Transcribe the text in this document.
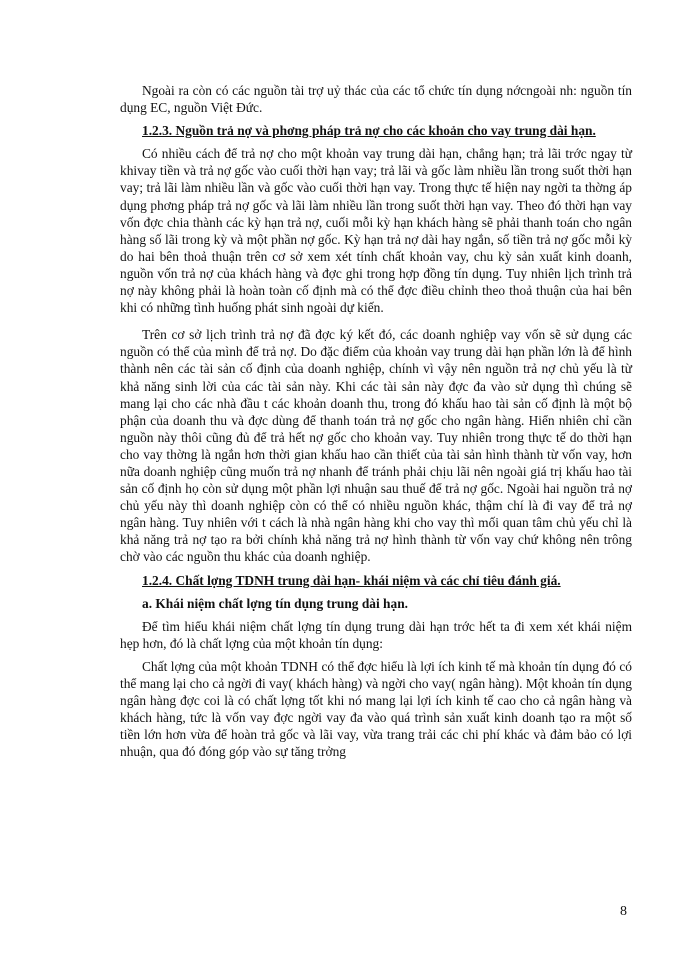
Ngoài ra còn có các nguồn tài trợ uỷ thác của các tổ chức tín dụng nớcngoài nh: nguồn tín dụng EC, nguồn Việt Đức.

1.2.3. Nguồn trả nợ và phơng pháp trả nợ cho các khoản cho vay trung dài hạn.

Có nhiều cách để trả nợ cho một khoản vay trung dài hạn, chẳng hạn; trả lãi trớc ngay từ khivay tiền và trả nợ gốc vào cuối thời hạn vay; trả lãi và gốc làm nhiều lần trong suốt thời hạn vay; trả lãi làm nhiều lần và gốc vào cuối thời hạn vay. Trong thực tế hiện nay ngời ta thờng áp dụng phơng pháp trả nợ gốc và lãi làm nhiều lần trong suốt thời hạn vay. Theo đó thời hạn vay vốn đợc chia thành các kỳ hạn trả nợ, cuối mỗi kỳ hạn khách hàng sẽ phải thanh toán cho ngân hàng số lãi trong kỳ và một phần nợ gốc. Kỳ hạn trả nợ dài hay ngắn, số tiền trả nợ gốc mỗi kỳ do hai bên thoả thuận trên cơ sở xem xét tính chất khoản vay, chu kỳ sản xuất kinh doanh, nguồn vốn trả nợ của khách hàng và đợc ghi trong hợp đồng tín dụng. Tuy nhiên lịch trình trả nợ này không phải là hoàn toàn cố định mà có thể đợc điều chỉnh theo thoả thuận của hai bên khi có những tình huống phát sinh ngoài dự kiến.

Trên cơ sở lịch trình trả nợ đã đợc ký kết đó, các doanh nghiệp vay vốn sẽ sử dụng các nguồn có thể của mình để trả nợ. Do đặc điểm của khoản vay trung dài hạn phần lớn là để hình thành nên các tài sản cố định của doanh nghiệp, chính vì vậy nên nguồn trả nợ chủ yếu là từ khả năng sinh lời của các tài sản này. Khi các tài sản này đợc đa vào sử dụng thì chúng sẽ mang lại cho các nhà đầu t các khoản doanh thu, trong đó khấu hao tài sản cố định là một bộ phận của doanh thu và đợc dùng để thanh toán trả nợ gốc cho ngân hàng. Hiển nhiên chỉ cần nguồn này thôi cũng đủ để trả hết nợ gốc cho khoản vay. Tuy nhiên trong thực tế do thời hạn cho vay thờng là ngắn hơn thời gian khấu hao cần thiết của tài sản hình thành từ vốn vay, hơn nữa doanh nghiệp cũng muốn trả nợ nhanh để tránh phải chịu lãi nên ngoài giá trị khấu hao tài sản cố định họ còn sử dụng một phần lợi nhuận sau thuế để trả nợ gốc. Ngoài hai nguồn trả nợ chủ yếu này thì doanh nghiệp còn có thể có nhiều nguồn khác, thậm chí là đi vay để trả nợ ngân hàng. Tuy nhiên với t cách là nhà ngân hàng khi cho vay thì mối quan tâm chủ yếu chỉ là khả năng trả nợ tạo ra bởi chính khả năng trả nợ hình thành từ vốn vay chứ không nên trông chờ vào các nguồn thu khác của doanh nghiệp.

1.2.4. Chất lợng TDNH trung dài hạn- khái niệm và các chỉ tiêu đánh giá.

a. Khái niệm chất lợng tín dụng trung dài hạn.

Để tìm hiểu khái niệm chất lợng tín dụng trung dài hạn trớc hết ta đi xem xét khái niệm hẹp hơn, đó là chất lợng của một khoản tín dụng:

Chất lợng của một khoản TDNH có thể đợc hiểu là lợi ích kinh tế mà khoản tín dụng đó có thể mang lại cho cả ngời đi vay( khách hàng) và ngời cho vay( ngân hàng). Một khoản tín dụng ngân hàng đợc coi là có chất lợng tốt khi nó mang lại lợi ích kinh tế cao cho cả ngân hàng và khách hàng, tức là vốn vay đợc ngời vay đa vào quá trình sản xuất kinh doanh tạo ra một số tiền lớn hơn vừa để hoàn trả gốc và lãi vay, vừa trang trải các chi phí khác và đảm bảo có lợi nhuận, qua đó đóng góp vào sự tăng trởng

8
